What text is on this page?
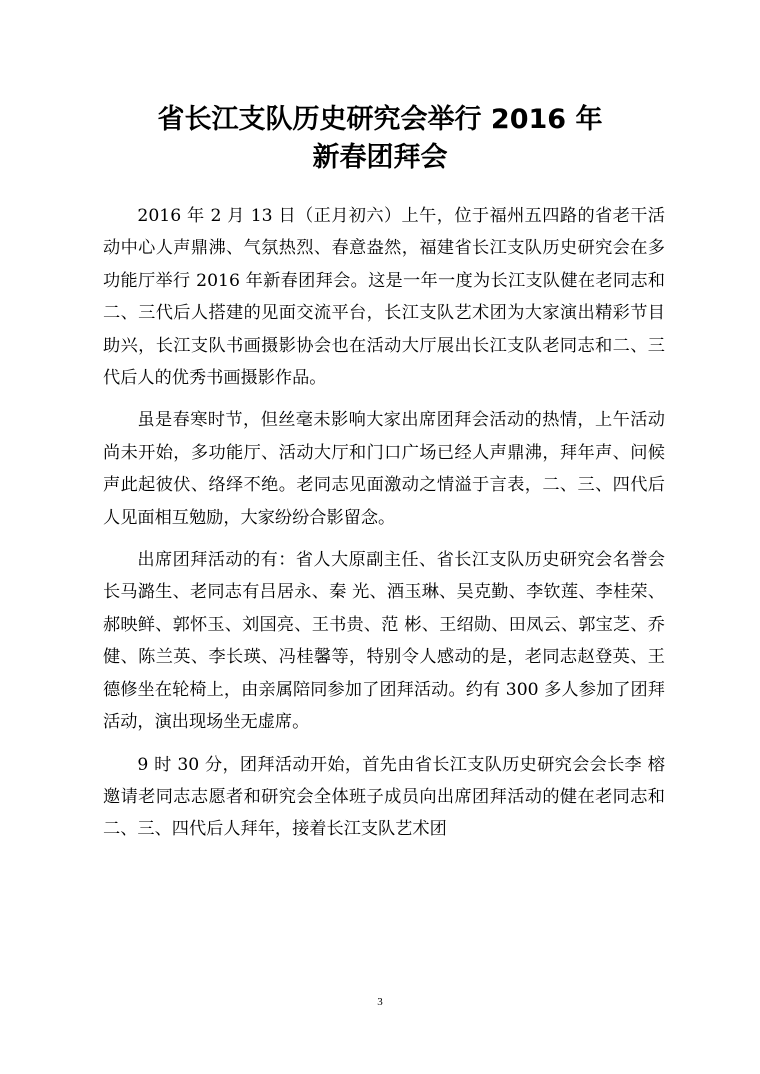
省长江支队历史研究会举行 2016 年
新春团拜会

2016 年 2 月 13 日（正月初六）上午，位于福州五四路的省老干活动中心人声鼎沸、气氛热烈、春意盎然，福建省长江支队历史研究会在多功能厅举行 2016 年新春团拜会。这是一年一度为长江支队健在老同志和二、三代后人搭建的见面交流平台，长江支队艺术团为大家演出精彩节目助兴，长江支队书画摄影协会也在活动大厅展出长江支队老同志和二、三代后人的优秀书画摄影作品。

虽是春寒时节，但丝毫未影响大家出席团拜会活动的热情，上午活动尚未开始，多功能厅、活动大厅和门口广场已经人声鼎沸，拜年声、问候声此起彼伏、络绎不绝。老同志见面激动之情溢于言表，二、三、四代后人见面相互勉励，大家纷纷合影留念。

出席团拜活动的有：省人大原副主任、省长江支队历史研究会名誉会长马潞生、老同志有吕居永、秦 光、酒玉琳、吴克勤、李钦莲、李桂荣、郝映鲜、郭怀玉、刘国亮、王书贵、范 彬、王绍勋、田凤云、郭宝芝、乔 健、陈兰英、李长瑛、冯桂馨等，特别令人感动的是，老同志赵登英、王德修坐在轮椅上，由亲属陪同参加了团拜活动。约有 300 多人参加了团拜活动，演出现场坐无虚席。

9 时 30 分，团拜活动开始，首先由省长江支队历史研究会会长李 榕邀请老同志志愿者和研究会全体班子成员向出席团拜活动的健在老同志和二、三、四代后人拜年，接着长江支队艺术团

3
